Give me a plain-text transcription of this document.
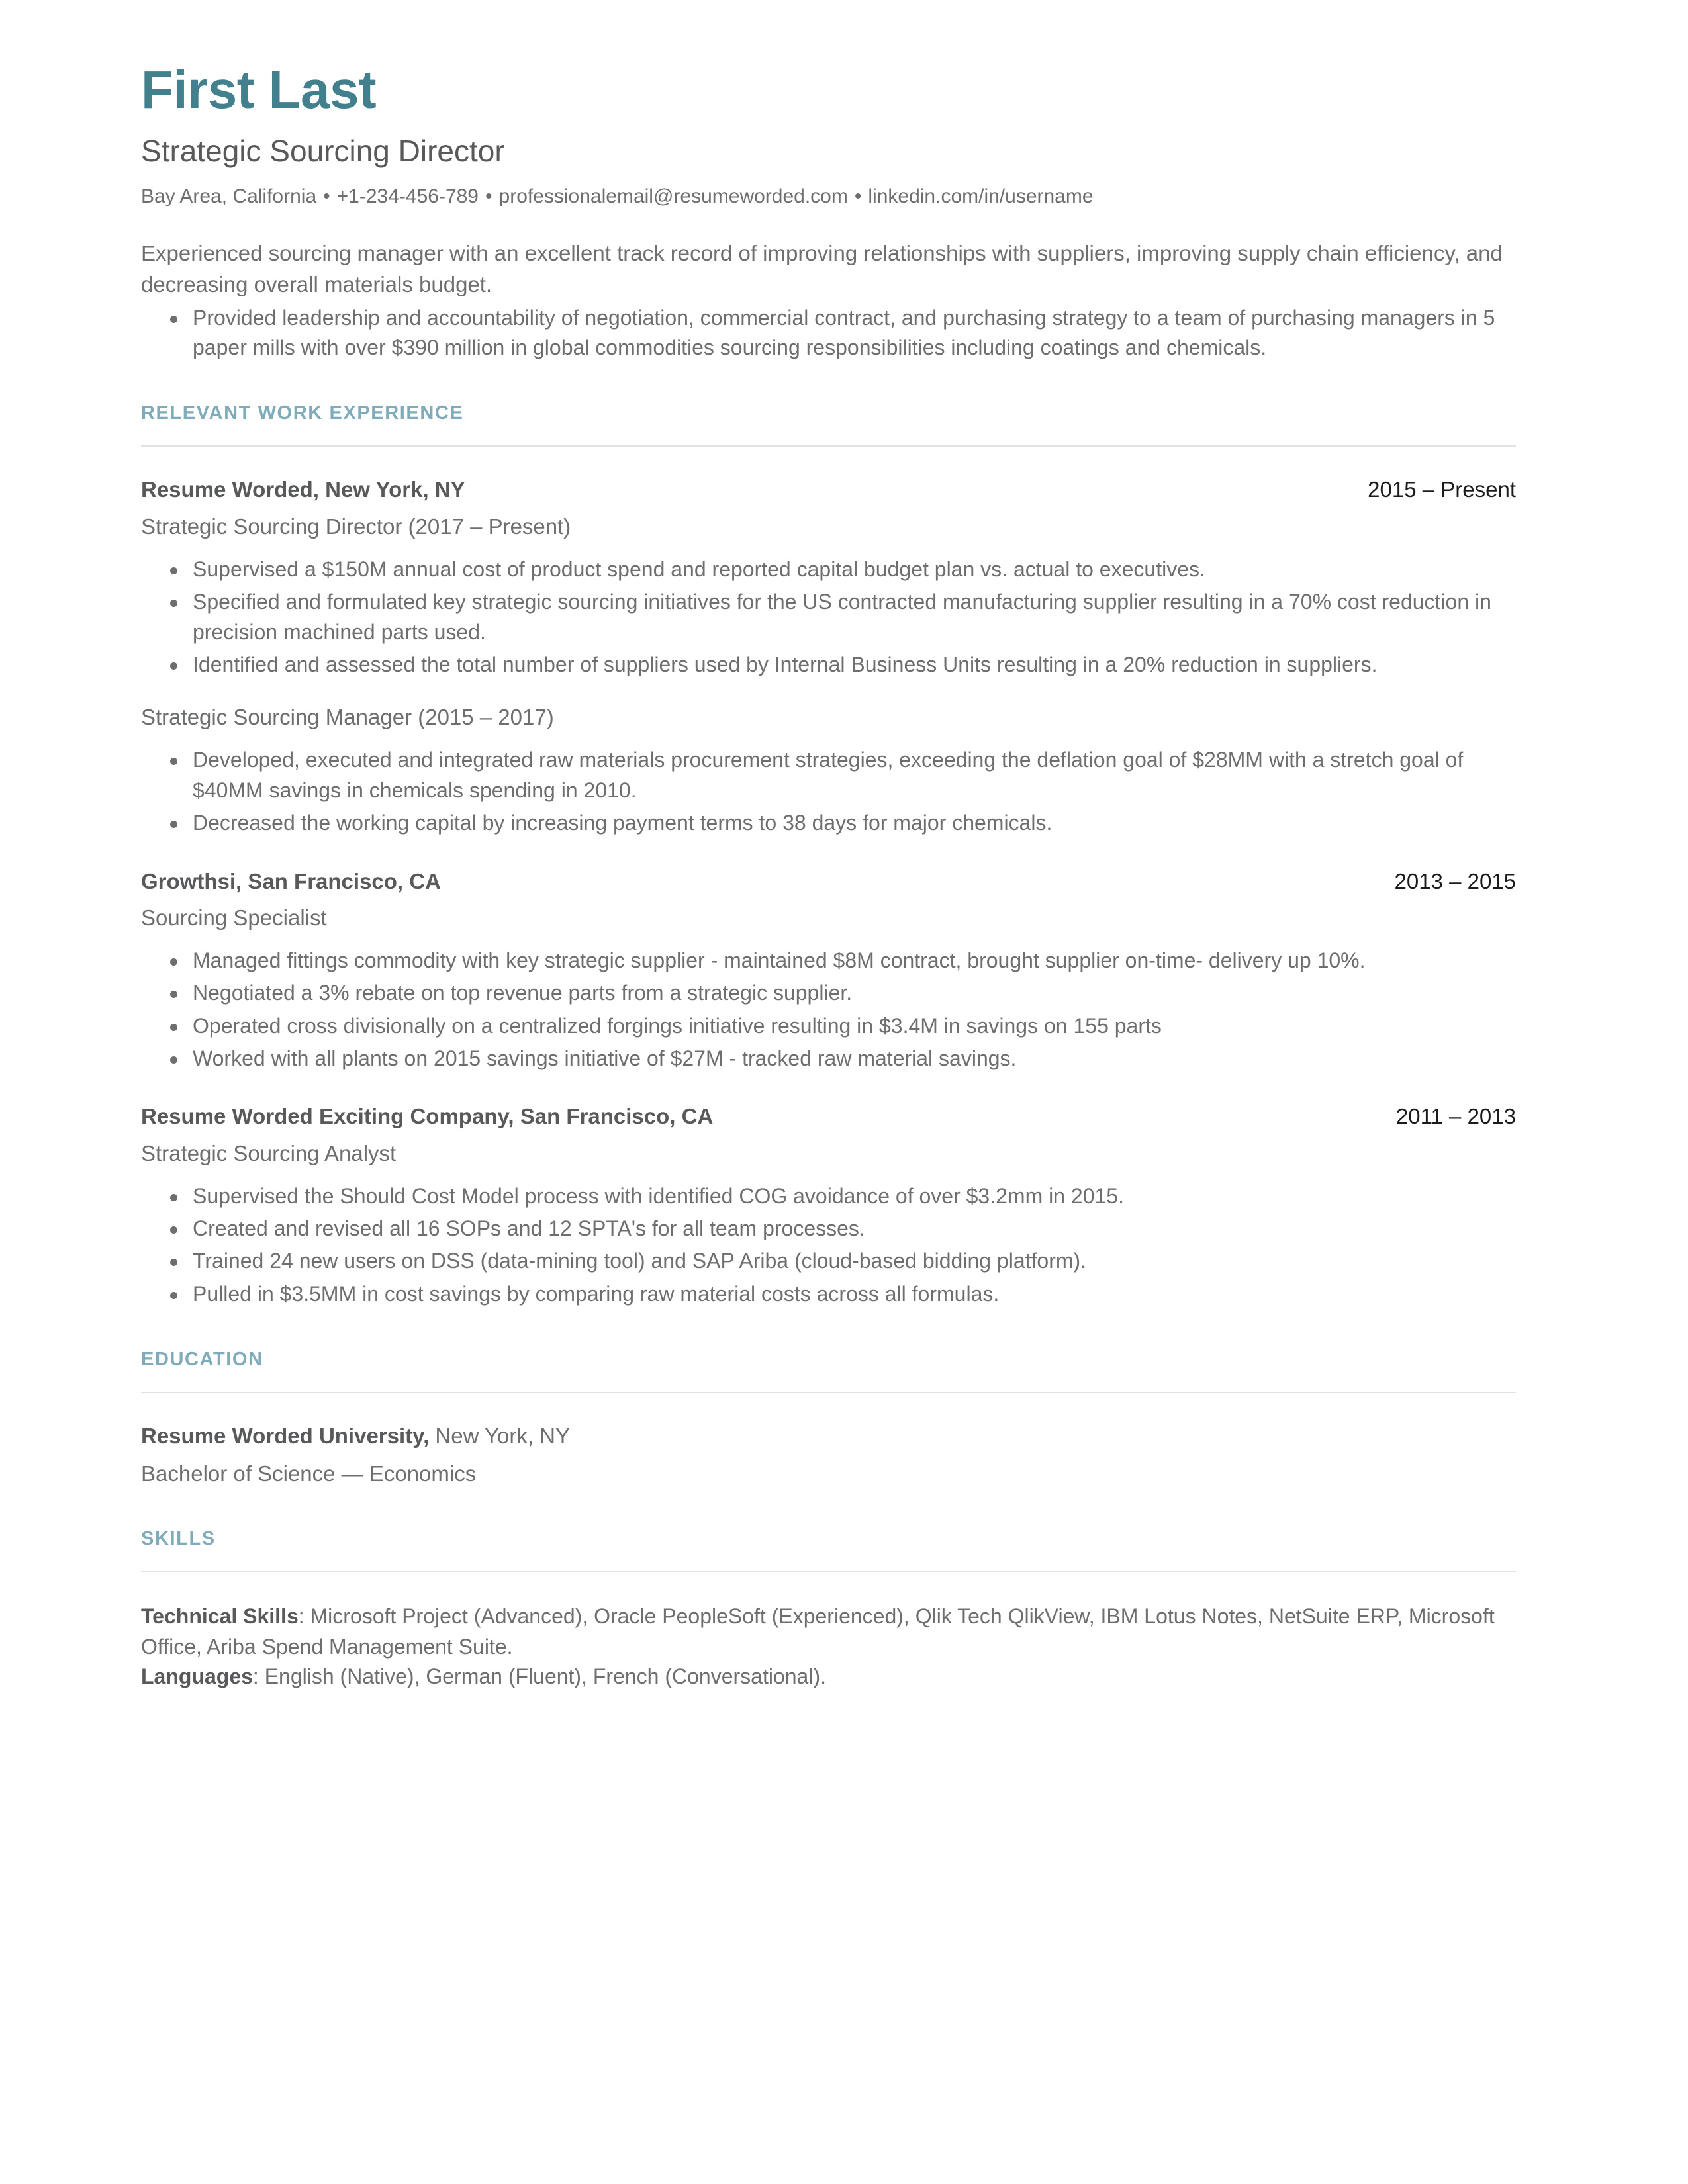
First Last
Strategic Sourcing Director
Bay Area, California • +1-234-456-789 • professionalemail@resumeworded.com • linkedin.com/in/username

Experienced sourcing manager with an excellent track record of improving relationships with suppliers, improving supply chain efficiency, and decreasing overall materials budget.

Provided leadership and accountability of negotiation, commercial contract, and purchasing strategy to a team of purchasing managers in 5 paper mills with over $390 million in global commodities sourcing responsibilities including coatings and chemicals.
RELEVANT WORK EXPERIENCE
Resume Worded, New York, NY	2015 – Present
Strategic Sourcing Director (2017 – Present)
Supervised a $150M annual cost of product spend and reported capital budget plan vs. actual to executives.
Specified and formulated key strategic sourcing initiatives for the US contracted manufacturing supplier resulting in a 70% cost reduction in precision machined parts used.
Identified and assessed the total number of suppliers used by Internal Business Units resulting in a 20% reduction in suppliers.
Strategic Sourcing Manager (2015 – 2017)
Developed, executed and integrated raw materials procurement strategies, exceeding the deflation goal of $28MM with a stretch goal of $40MM savings in chemicals spending in 2010.
Decreased the working capital by increasing payment terms to 38 days for major chemicals.
Growthsi, San Francisco, CA	2013 – 2015
Sourcing Specialist
Managed fittings commodity with key strategic supplier - maintained $8M contract, brought supplier on-time- delivery up 10%.
Negotiated a 3% rebate on top revenue parts from a strategic supplier.
Operated cross divisionally on a centralized forgings initiative resulting in $3.4M in savings on 155 parts
Worked with all plants on 2015 savings initiative of $27M - tracked raw material savings.
Resume Worded Exciting Company, San Francisco, CA	2011 – 2013
Strategic Sourcing Analyst
Supervised the Should Cost Model process with identified COG avoidance of over $3.2mm in 2015.
Created and revised all 16 SOPs and 12 SPTA's for all team processes.
Trained 24 new users on DSS (data-mining tool) and SAP Ariba (cloud-based bidding platform).
Pulled in $3.5MM in cost savings by comparing raw material costs across all formulas.
EDUCATION
Resume Worded University, New York, NY
Bachelor of Science — Economics
SKILLS
Technical Skills: Microsoft Project (Advanced), Oracle PeopleSoft (Experienced), Qlik Tech QlikView, IBM Lotus Notes, NetSuite ERP, Microsoft Office, Ariba Spend Management Suite.
Languages: English (Native), German (Fluent), French (Conversational).
